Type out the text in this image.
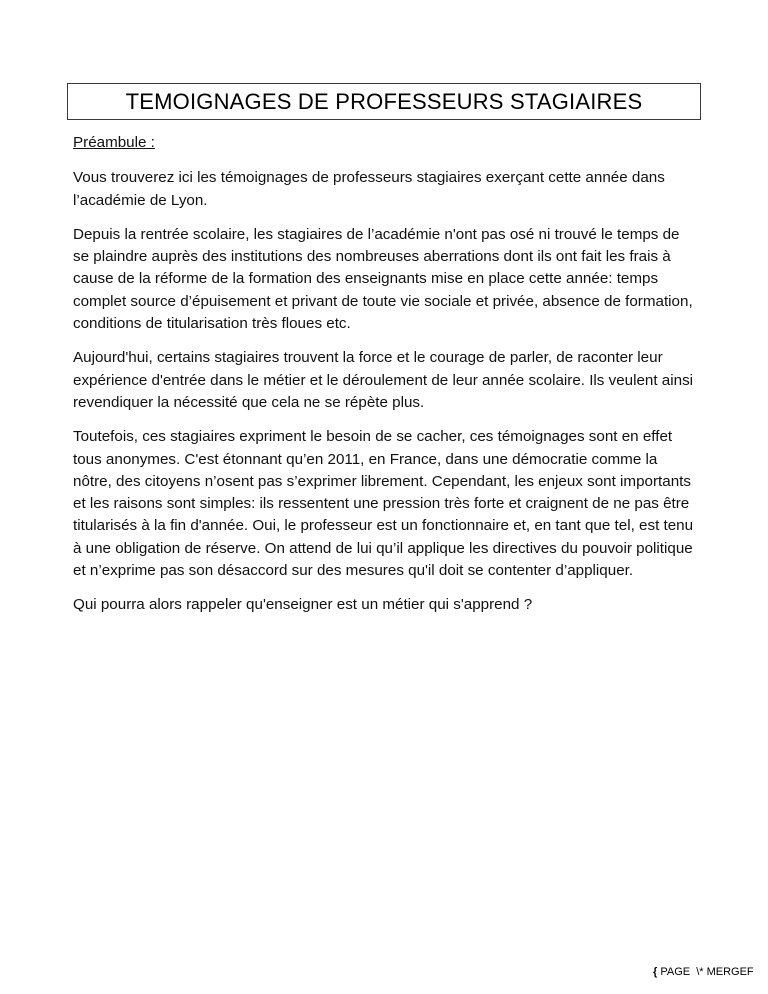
TEMOIGNAGES DE PROFESSEURS STAGIAIRES

Préambule :

Vous trouverez ici les témoignages de professeurs stagiaires exerçant cette année dans l’académie de Lyon.

Depuis la rentrée scolaire, les stagiaires de l’académie n'ont pas osé ni trouvé le temps de se plaindre auprès des institutions des nombreuses aberrations dont ils ont fait les frais à cause de la réforme de la formation des enseignants mise en place cette année: temps complet source d’épuisement et privant de toute vie sociale et privée, absence de formation, conditions de titularisation très floues etc.

Aujourd'hui, certains stagiaires trouvent la force et le courage de parler, de raconter leur expérience d'entrée dans le métier et le déroulement de leur année scolaire. Ils veulent ainsi revendiquer la nécessité que cela ne se répète plus.

Toutefois, ces stagiaires expriment le besoin de se cacher, ces témoignages sont en effet tous anonymes. C'est étonnant qu’en 2011, en France, dans une démocratie comme la nôtre, des citoyens n’osent pas s’exprimer librement. Cependant, les enjeux sont importants et les raisons sont simples: ils ressentent une pression très forte et craignent de ne pas être titularisés à la fin d'année. Oui, le professeur est un fonctionnaire et, en tant que tel, est tenu à une obligation de réserve. On attend de lui qu’il applique les directives du pouvoir politique et n’exprime pas son désaccord sur des mesures qu'il doit se contenter d’appliquer.

Qui pourra alors rappeler qu'enseigner est un métier qui s'apprend ?

{ PAGE  \* MERGEF
